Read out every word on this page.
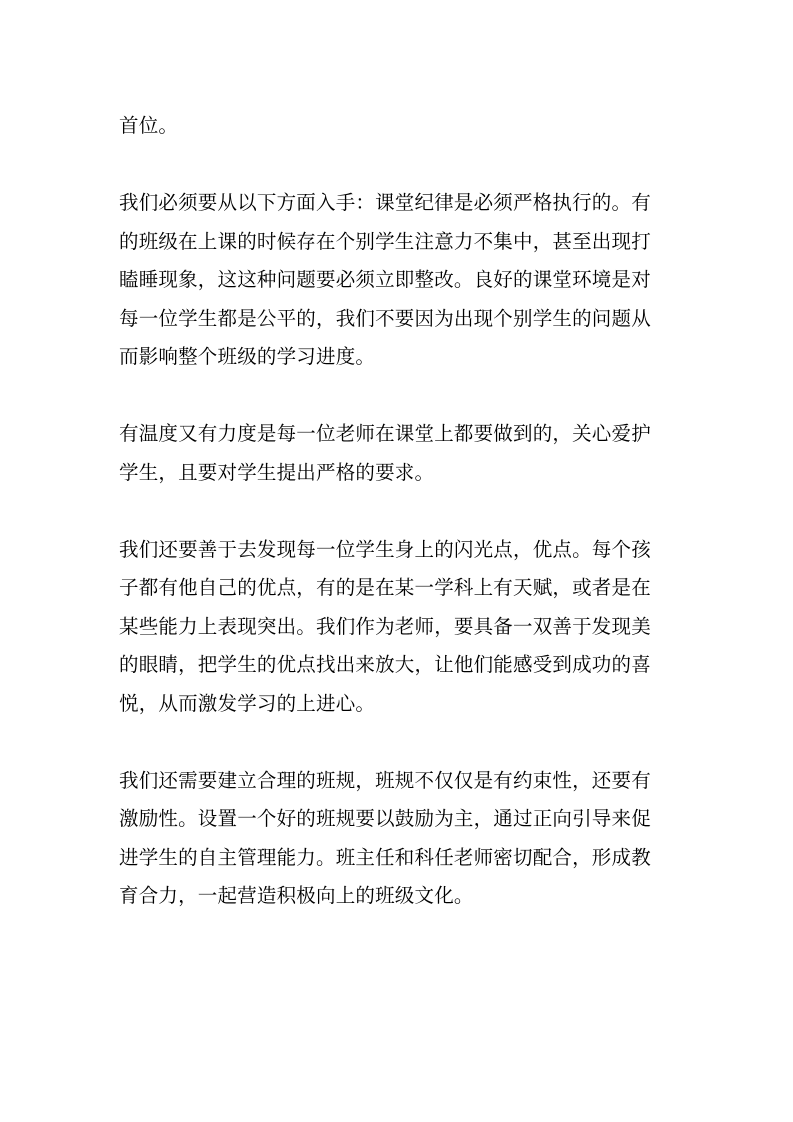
首位。

我们必须要从以下方面入手：课堂纪律是必须严格执行的。有
的班级在上课的时候存在个别学生注意力不集中，甚至出现打
瞌睡现象，这这种问题要必须立即整改。良好的课堂环境是对
每一位学生都是公平的，我们不要因为出现个别学生的问题从
而影响整个班级的学习进度。

有温度又有力度是每一位老师在课堂上都要做到的，关心爱护
学生，且要对学生提出严格的要求。

我们还要善于去发现每一位学生身上的闪光点，优点。每个孩
子都有他自己的优点，有的是在某一学科上有天赋，或者是在
某些能力上表现突出。我们作为老师，要具备一双善于发现美
的眼睛，把学生的优点找出来放大，让他们能感受到成功的喜
悦，从而激发学习的上进心。

我们还需要建立合理的班规，班规不仅仅是有约束性，还要有
激励性。设置一个好的班规要以鼓励为主，通过正向引导来促
进学生的自主管理能力。班主任和科任老师密切配合，形成教
育合力，一起营造积极向上的班级文化。
